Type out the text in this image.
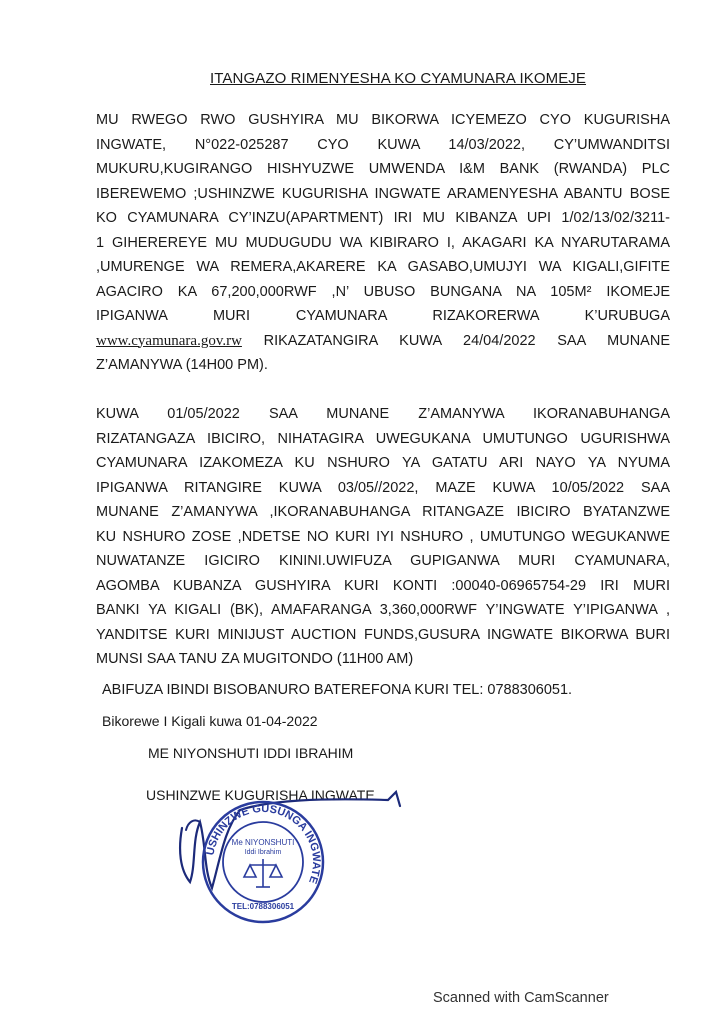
ITANGAZO RIMENYESHA KO CYAMUNARA IKOMEJE
MU RWEGO RWO GUSHYIRA MU BIKORWA ICYEMEZO CYO KUGURISHA
INGWATE, N°022-025287 CYO KUWA 14/03/2022, CY’UMWANDITSI
MUKURU,KUGIRANGO HISHYUZWE UMWENDA I&M BANK (RWANDA) PLC
IBEREWEMO ;USHINZWE KUGURISHA INGWATE ARAMENYESHA ABANTU BOSE
KO CYAMUNARA CY’INZU(APARTMENT) IRI MU KIBANZA UPI 1/02/13/02/3211-
1 GIHEREREYE MU MUDUGUDU WA KIBIRARO I, AKAGARI KA NYARUTARAMA
,UMURENGE WA REMERA,AKARERE KA GASABO,UMUJYI WA KIGALI,GIFITE
AGACIRO KA 67,200,000RWF ,N’ UBUSO BUNGANA NA 105M² IKOMEJE
IPIGANWA MURI CYAMUNARA RIZAKORERWA K’URUBUGA
www.cyamunara.gov.rw RIKAZATANGIRA KUWA 24/04/2022 SAA MUNANE
Z’AMANYWA (14H00 PM).
KUWA 01/05/2022 SAA MUNANE Z’AMANYWA IKORANABUHANGA
RIZATANGAZA IBICIRO, NIHATAGIRA UWEGUKANA UMUTUNGO UGURISHWA
CYAMUNARA IZAKOMEZA KU NSHURO YA GATATU ARI NAYO YA NYUMA
IPIGANWA RITANGIRE KUWA 03/05//2022, MAZE KUWA 10/05/2022 SAA
MUNANE Z’AMANYWA ,IKORANABUHANGA RITANGAZE IBICIRO BYATANZWE
KU NSHURO ZOSE ,NDETSE NO KURI IYI NSHURO , UMUTUNGO WEGUKANWE
NUWATANZE IGICIRO KININI.UWIFUZA GUPIGANWA MURI CYAMUNARA,
AGOMBA KUBANZA GUSHYIRA KURI KONTI :00040-06965754-29 IRI MURI
BANKI YA KIGALI (BK), AMAFARANGA 3,360,000RWF Y’INGWATE Y’IPIGANWA ,
YANDITSE KURI MINIJUST AUCTION FUNDS,GUSURA INGWATE BIKORWA BURI
MUNSI SAA TANU ZA MUGITONDO (11H00 AM)
ABIFUZA IBINDI BISOBANURO BATEREFONA KURI TEL: 0788306051.
Bikorewe I Kigali kuwa 01-04-2022
ME NIYONSHUTI IDDI IBRAHIM
USHINZWE KUGURISHA INGWATE
USHINZWE GUSUNGA INGWATE
Me NIYONSHUTI
Iddi Ibrahim
TEL:0788306051
Scanned with CamScanner
